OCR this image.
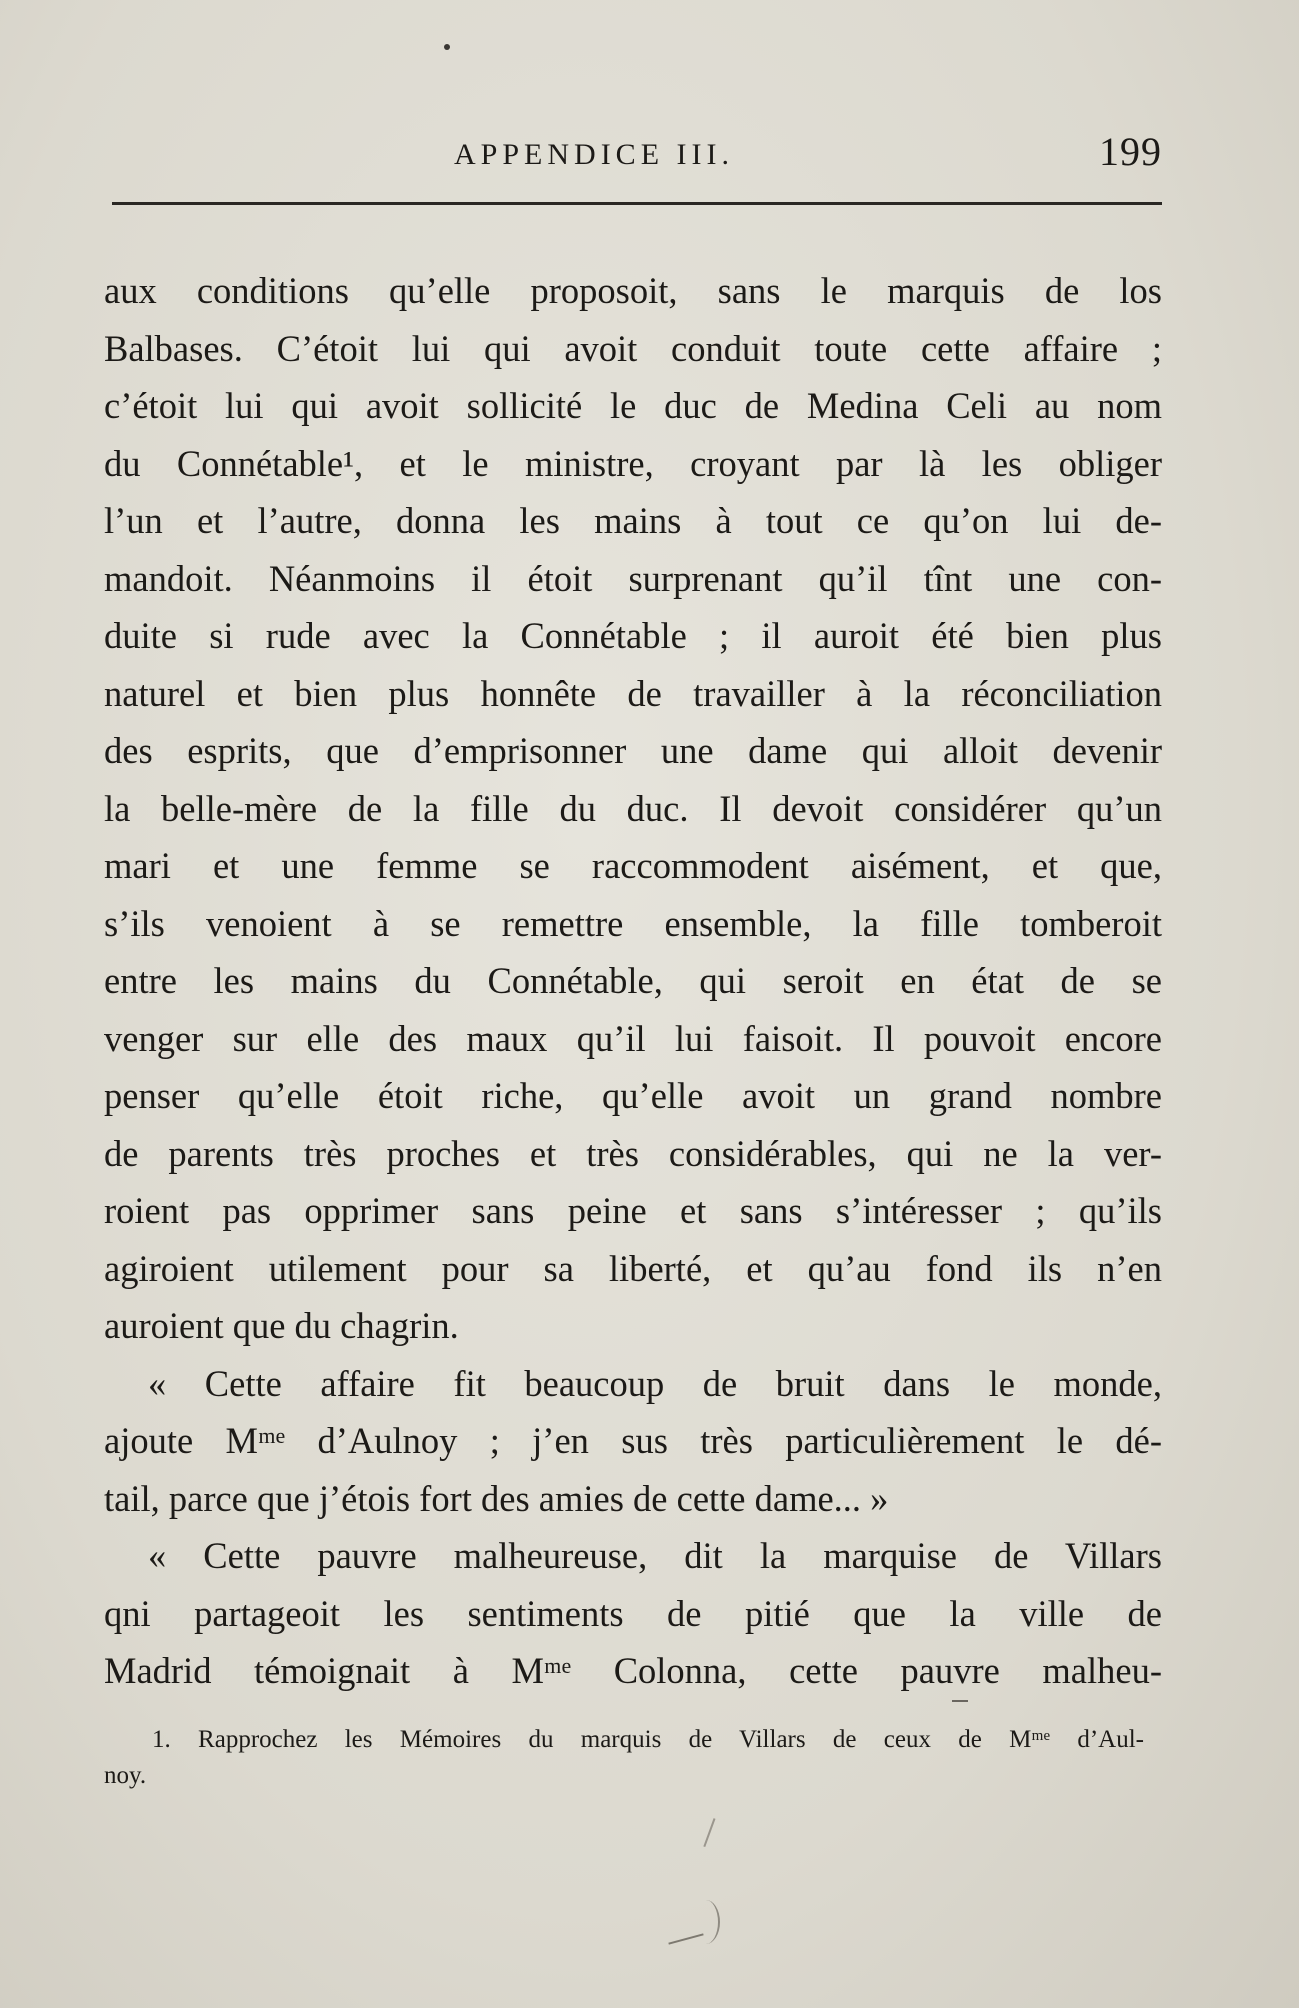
APPENDICE III.	199
aux conditions qu’elle proposoit, sans le marquis de los
Balbases. C’étoit lui qui avoit conduit toute cette affaire ;
c’étoit lui qui avoit sollicité le duc de Medina Celi au nom
du Connétable¹, et le ministre, croyant par là les obliger
l’un et l’autre, donna les mains à tout ce qu’on lui de-
mandoit. Néanmoins il étoit surprenant qu’il tînt une con-
duite si rude avec la Connétable ; il auroit été bien plus
naturel et bien plus honnête de travailler à la réconciliation
des esprits, que d’emprisonner une dame qui alloit devenir
la belle-mère de la fille du duc. Il devoit considérer qu’un
mari et une femme se raccommodent aisément, et que,
s’ils venoient à se remettre ensemble, la fille tomberoit
entre les mains du Connétable, qui seroit en état de se
venger sur elle des maux qu’il lui faisoit. Il pouvoit encore
penser qu’elle étoit riche, qu’elle avoit un grand nombre
de parents très proches et très considérables, qui ne la ver-
roient pas opprimer sans peine et sans s’intéresser ; qu’ils
agiroient utilement pour sa liberté, et qu’au fond ils n’en
auroient que du chagrin.
« Cette affaire fit beaucoup de bruit dans le monde,
ajoute Mᵐᵉ d’Aulnoy ; j’en sus très particulièrement le dé-
tail, parce que j’étois fort des amies de cette dame... »
« Cette pauvre malheureuse, dit la marquise de Villars
qni partageoit les sentiments de pitié que la ville de
Madrid témoignait à Mᵐᵉ Colonna, cette pauvre malheu-
1. Rapprochez les Mémoires du marquis de Villars de ceux de Mᵐᵉ d’Aul-
noy.
